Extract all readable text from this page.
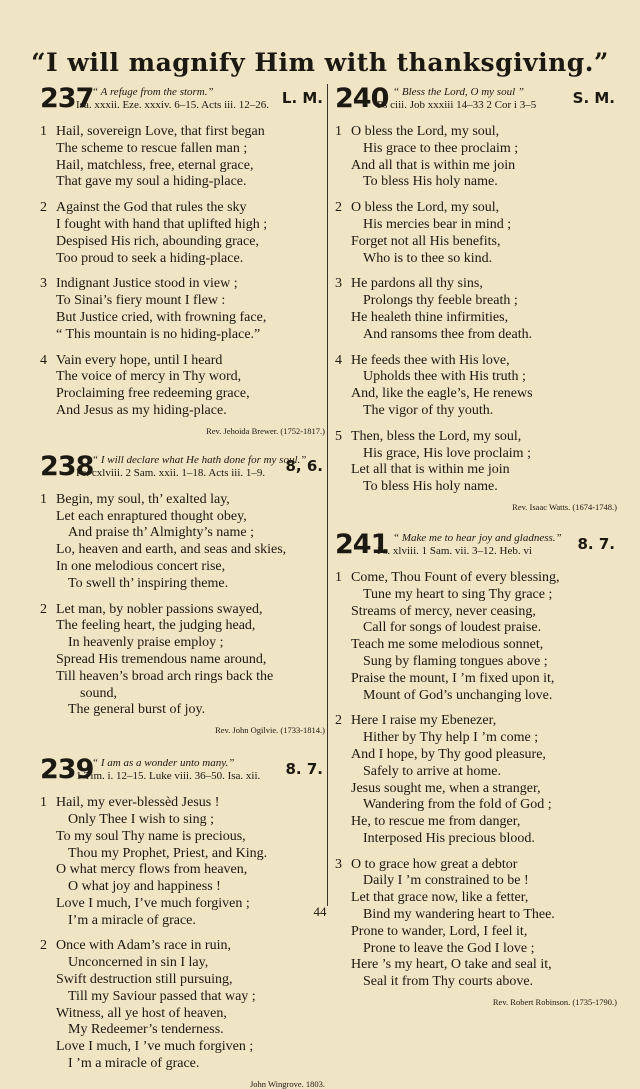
“I will magnify Him with thanksgiving.”
237
“ A refuge from the storm.”
Isa. xxxii. Eze. xxxiv. 6–15. Acts iii. 12–26. L. M.
1 Hail, sovereign Love, that first began
The scheme to rescue fallen man ;
Hail, matchless, free, eternal grace,
That gave my soul a hiding-place.
2 Against the God that rules the sky
I fought with hand that uplifted high ;
Despised His rich, abounding grace,
Too proud to seek a hiding-place.
3 Indignant Justice stood in view ;
To Sinai’s fiery mount I flew :
But Justice cried, with frowning face,
“ This mountain is no hiding-place.”
4 Vain every hope, until I heard
The voice of mercy in Thy word,
Proclaiming free redeeming grace,
And Jesus as my hiding-place.
Rev. Jehoida Brewer. (1752-1817.)
238
“ I will declare what He hath done for my soul.”
Ps. cxlviii. 2 Sam. xxii. 1–18. Acts iii. 1–9. 8, 6.
1 Begin, my soul, th’ exalted lay,
Let each enraptured thought obey,
And praise th’ Almighty’s name ;
Lo, heaven and earth, and seas and skies,
In one melodious concert rise,
To swell th’ inspiring theme.
2 Let man, by nobler passions swayed,
The feeling heart, the judging head,
In heavenly praise employ ;
Spread His tremendous name around,
Till heaven’s broad arch rings back the
sound,
The general burst of joy.
Rev. John Ogilvie. (1733-1814.)
239
“ I am as a wonder unto many.”
1 Tim. i. 12–15. Luke viii. 36–50. Isa. xii. 8. 7.
1 Hail, my ever-blessèd Jesus !
Only Thee I wish to sing ;
To my soul Thy name is precious,
Thou my Prophet, Priest, and King.
O what mercy flows from heaven,
O what joy and happiness !
Love I much, I’ve much forgiven ;
I’m a miracle of grace.
2 Once with Adam’s race in ruin,
Unconcerned in sin I lay,
Swift destruction still pursuing,
Till my Saviour passed that way ;
Witness, all ye host of heaven,
My Redeemer’s tenderness.
Love I much, I ’ve much forgiven ;
I ’m a miracle of grace.
John Wingrove. 1803.
240 “ Bless the Lord, O my soul ”
Ps ciii. Job xxxiii 14–33 2 Cor i 3–5 S. M.
1 O bless the Lord, my soul,
His grace to thee proclaim ;
And all that is within me join
To bless His holy name.
2 O bless the Lord, my soul,
His mercies bear in mind ;
Forget not all His benefits,
Who is to thee so kind.
3 He pardons all thy sins,
Prolongs thy feeble breath ;
He healeth thine infirmities,
And ransoms thee from death.
4 He feeds thee with His love,
Upholds thee with His truth ;
And, like the eagle’s, He renews
The vigor of thy youth.
5 Then, bless the Lord, my soul,
His grace, His love proclaim ;
Let all that is within me join
To bless His holy name.
Rev. Isaac Watts. (1674-1748.)
241 “ Make me to hear joy and gladness.”
Ps. xlviii. 1 Sam. vii. 3–12. Heb. vi	8. 7.
1 Come, Thou Fount of every blessing,
Tune my heart to sing Thy grace ;
Streams of mercy, never ceasing,
Call for songs of loudest praise.
Teach me some melodious sonnet,
Sung by flaming tongues above ;
Praise the mount, I ’m fixed upon it,
Mount of God’s unchanging love.
2 Here I raise my Ebenezer,
Hither by Thy help I ’m come ;
And I hope, by Thy good pleasure,
Safely to arrive at home.
Jesus sought me, when a stranger,
Wandering from the fold of God ;
He, to rescue me from danger,
Interposed His precious blood.
3 O to grace how great a debtor
Daily I ’m constrained to be !
Let that grace now, like a fetter,
Bind my wandering heart to Thee.
Prone to wander, Lord, I feel it,
Prone to leave the God I love ;
Here ’s my heart, O take and seal it,
Seal it from Thy courts above.
Rev. Robert Robinson. (1735-1790.)
44
